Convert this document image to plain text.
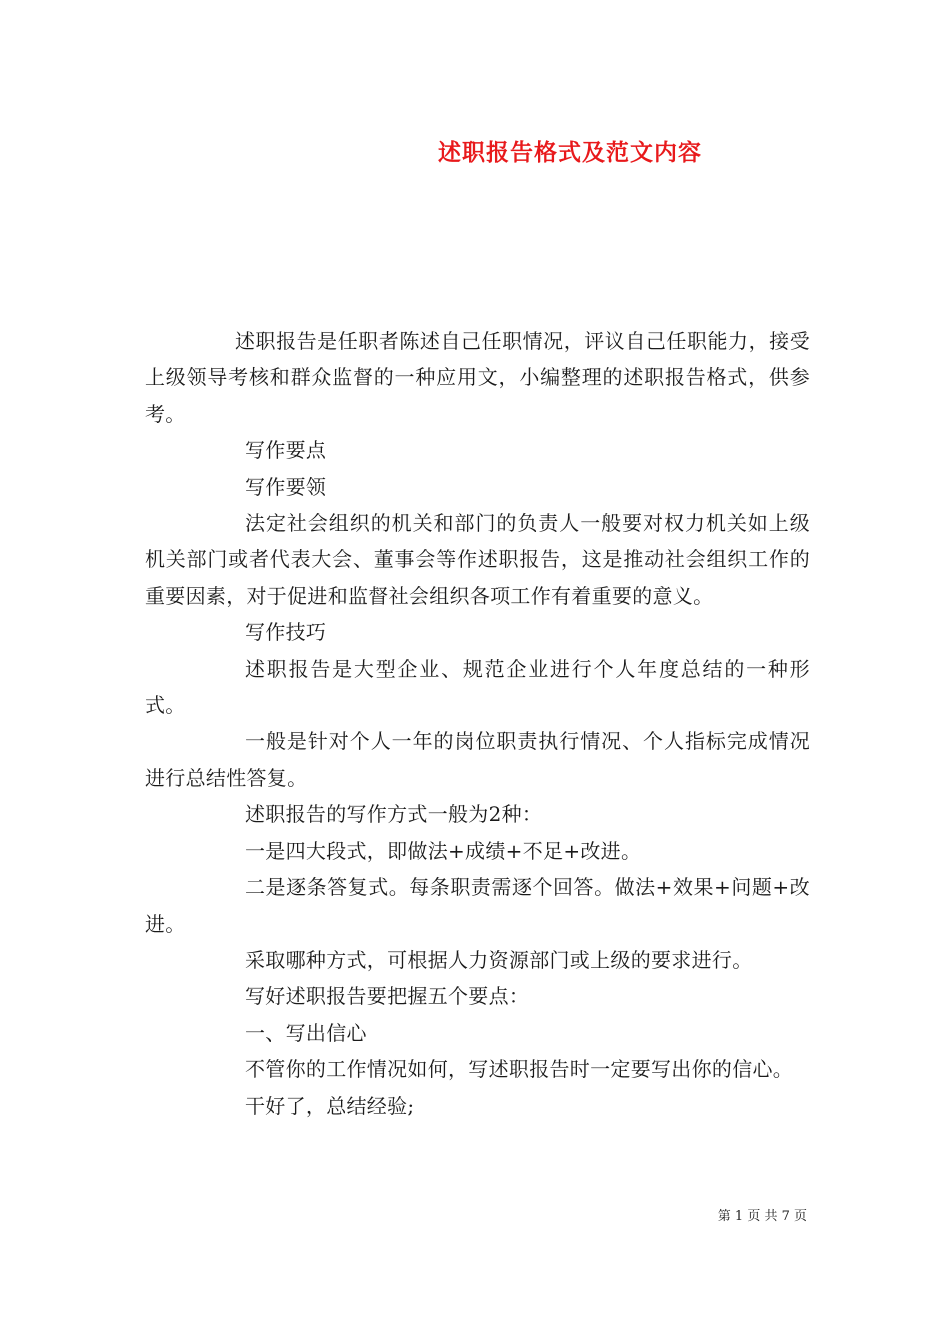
述职报告格式及范文内容

述职报告是任职者陈述自己任职情况，评议自己任职能力，接受上级领导考核和群众监督的一种应用文，小编整理的述职报告格式，供参考。

写作要点

写作要领

法定社会组织的机关和部门的负责人一般要对权力机关如上级机关部门或者代表大会、董事会等作述职报告，这是推动社会组织工作的重要因素，对于促进和监督社会组织各项工作有着重要的意义。

写作技巧

述职报告是大型企业、规范企业进行个人年度总结的一种形式。

一般是针对个人一年的岗位职责执行情况、个人指标完成情况进行总结性答复。

述职报告的写作方式一般为2种：

一是四大段式，即做法+成绩+不足+改进。

二是逐条答复式。每条职责需逐个回答。做法+效果+问题+改进。

采取哪种方式，可根据人力资源部门或上级的要求进行。

写好述职报告要把握五个要点：

一、写出信心

不管你的工作情况如何，写述职报告时一定要写出你的信心。

干好了，总结经验;

第 1 页 共 7 页
